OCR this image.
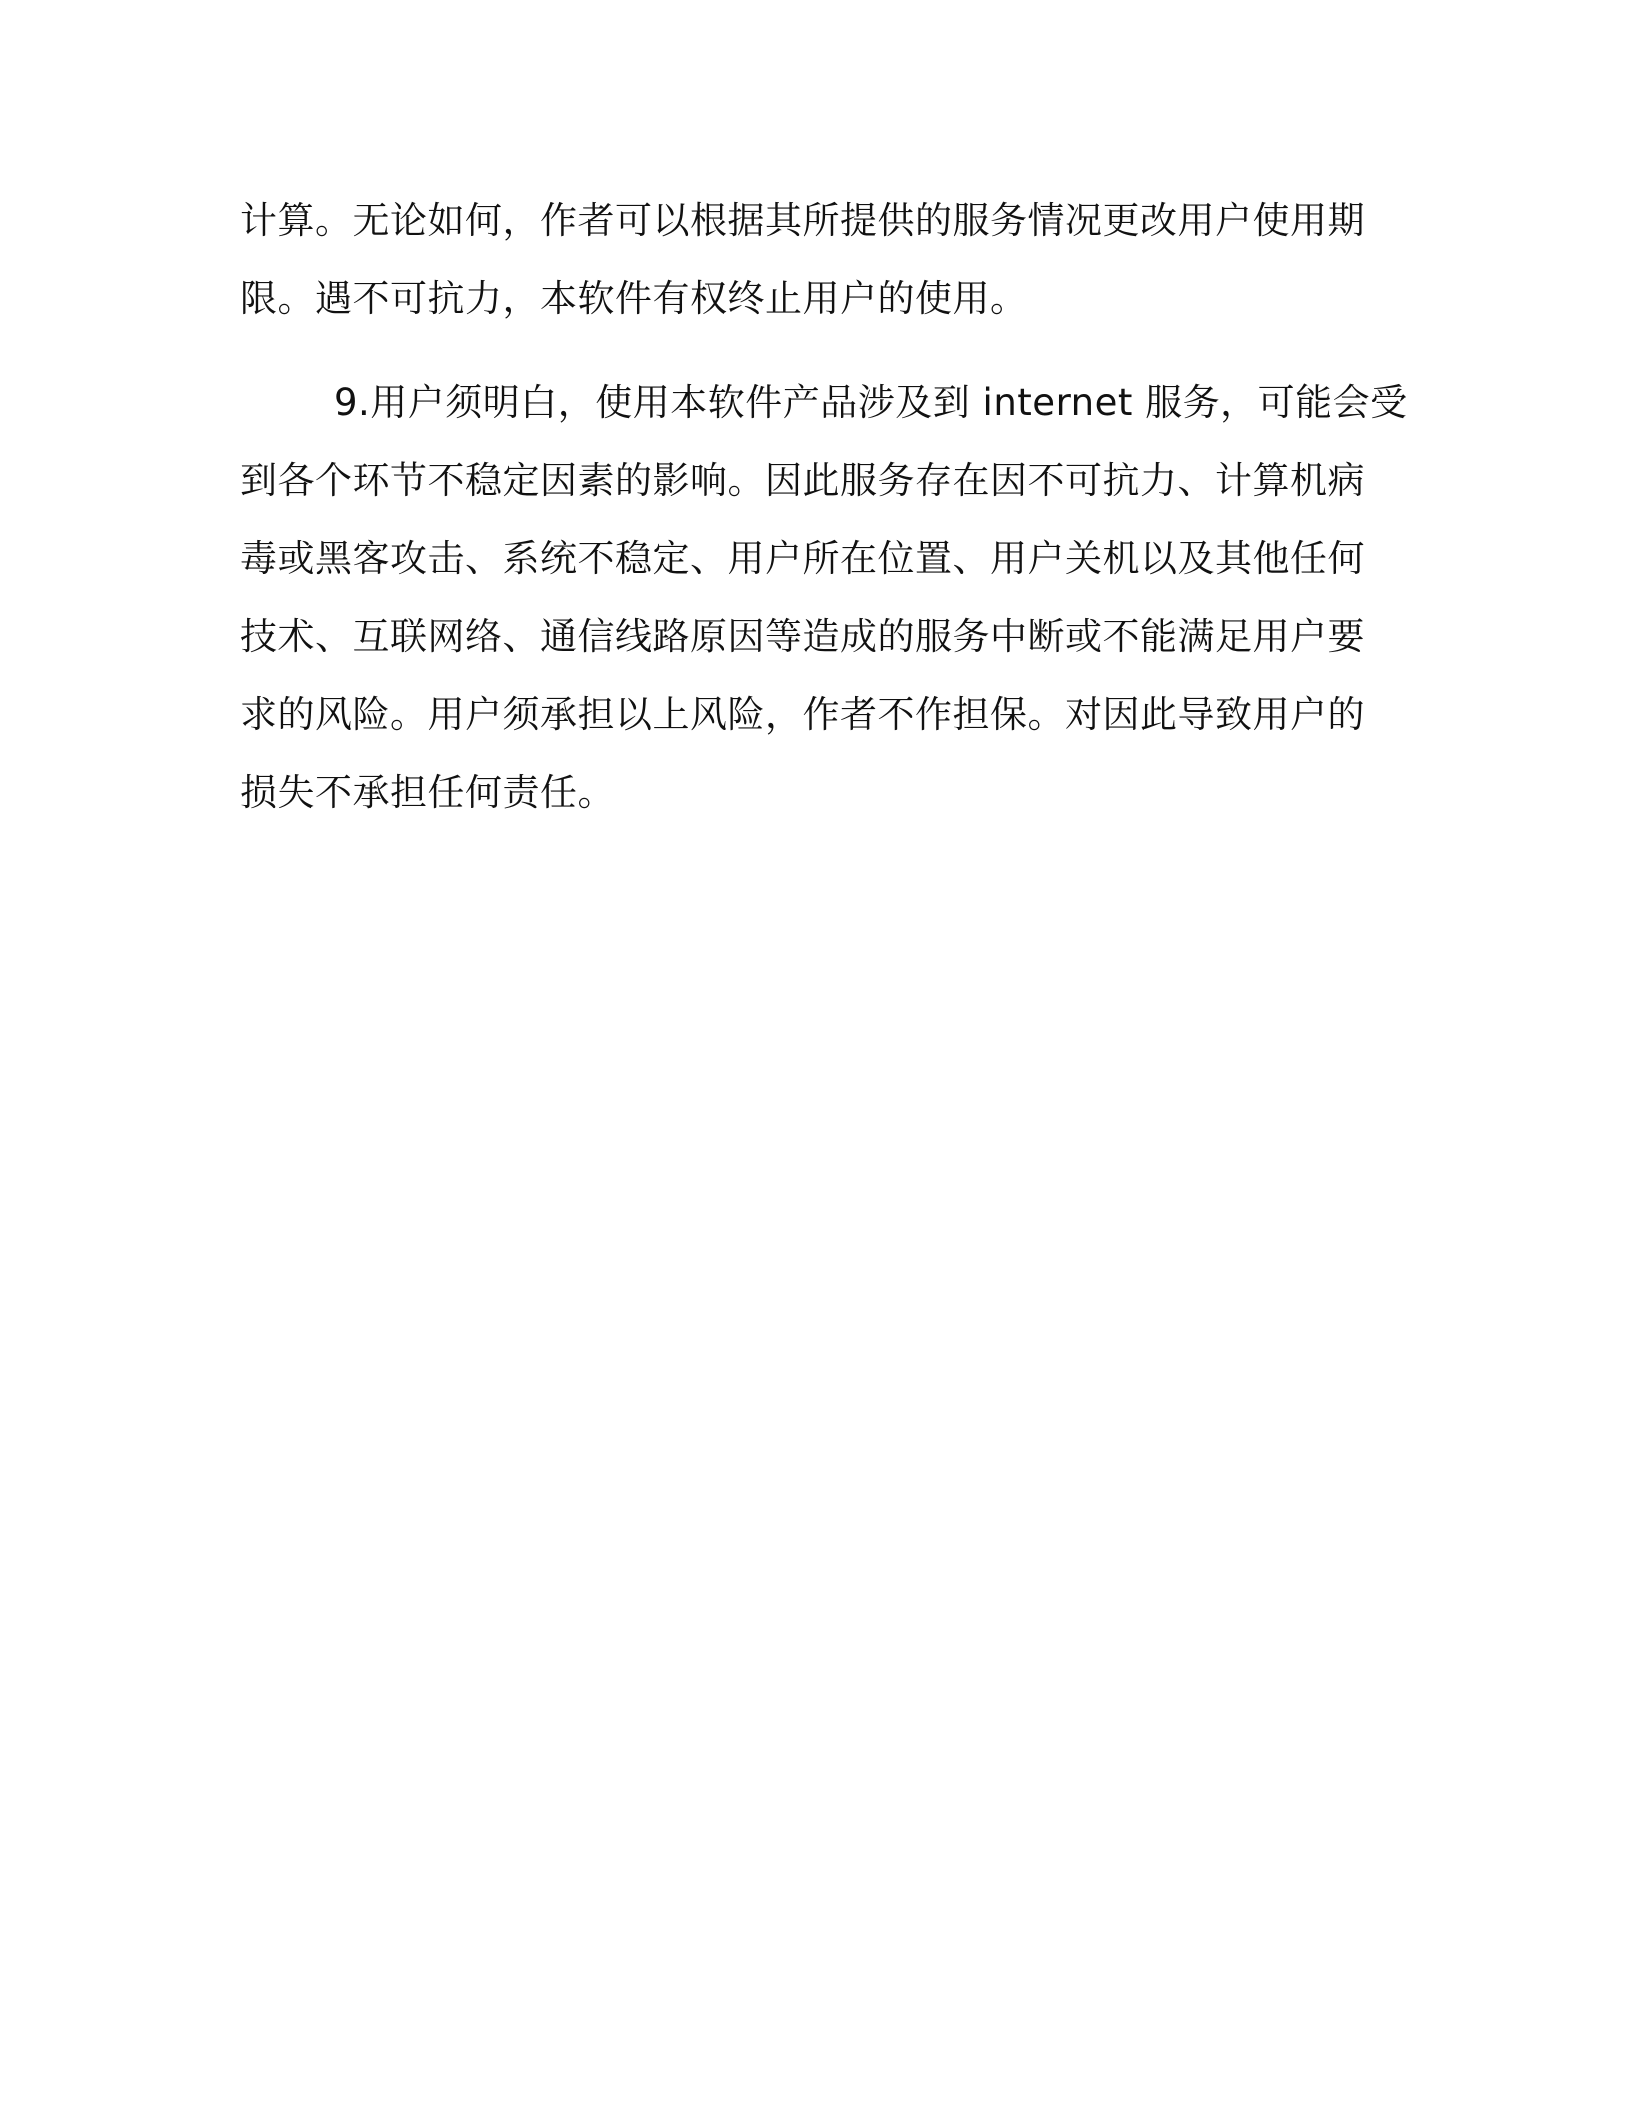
计算。无论如何，作者可以根据其所提供的服务情况更改用户使用期
限。遇不可抗力，本软件有权终止用户的使用。
9.用户须明白，使用本软件产品涉及到 internet 服务，可能会受
到各个环节不稳定因素的影响。因此服务存在因不可抗力、计算机病
毒或黑客攻击、系统不稳定、用户所在位置、用户关机以及其他任何
技术、互联网络、通信线路原因等造成的服务中断或不能满足用户要
求的风险。用户须承担以上风险，作者不作担保。对因此导致用户的
损失不承担任何责任。
